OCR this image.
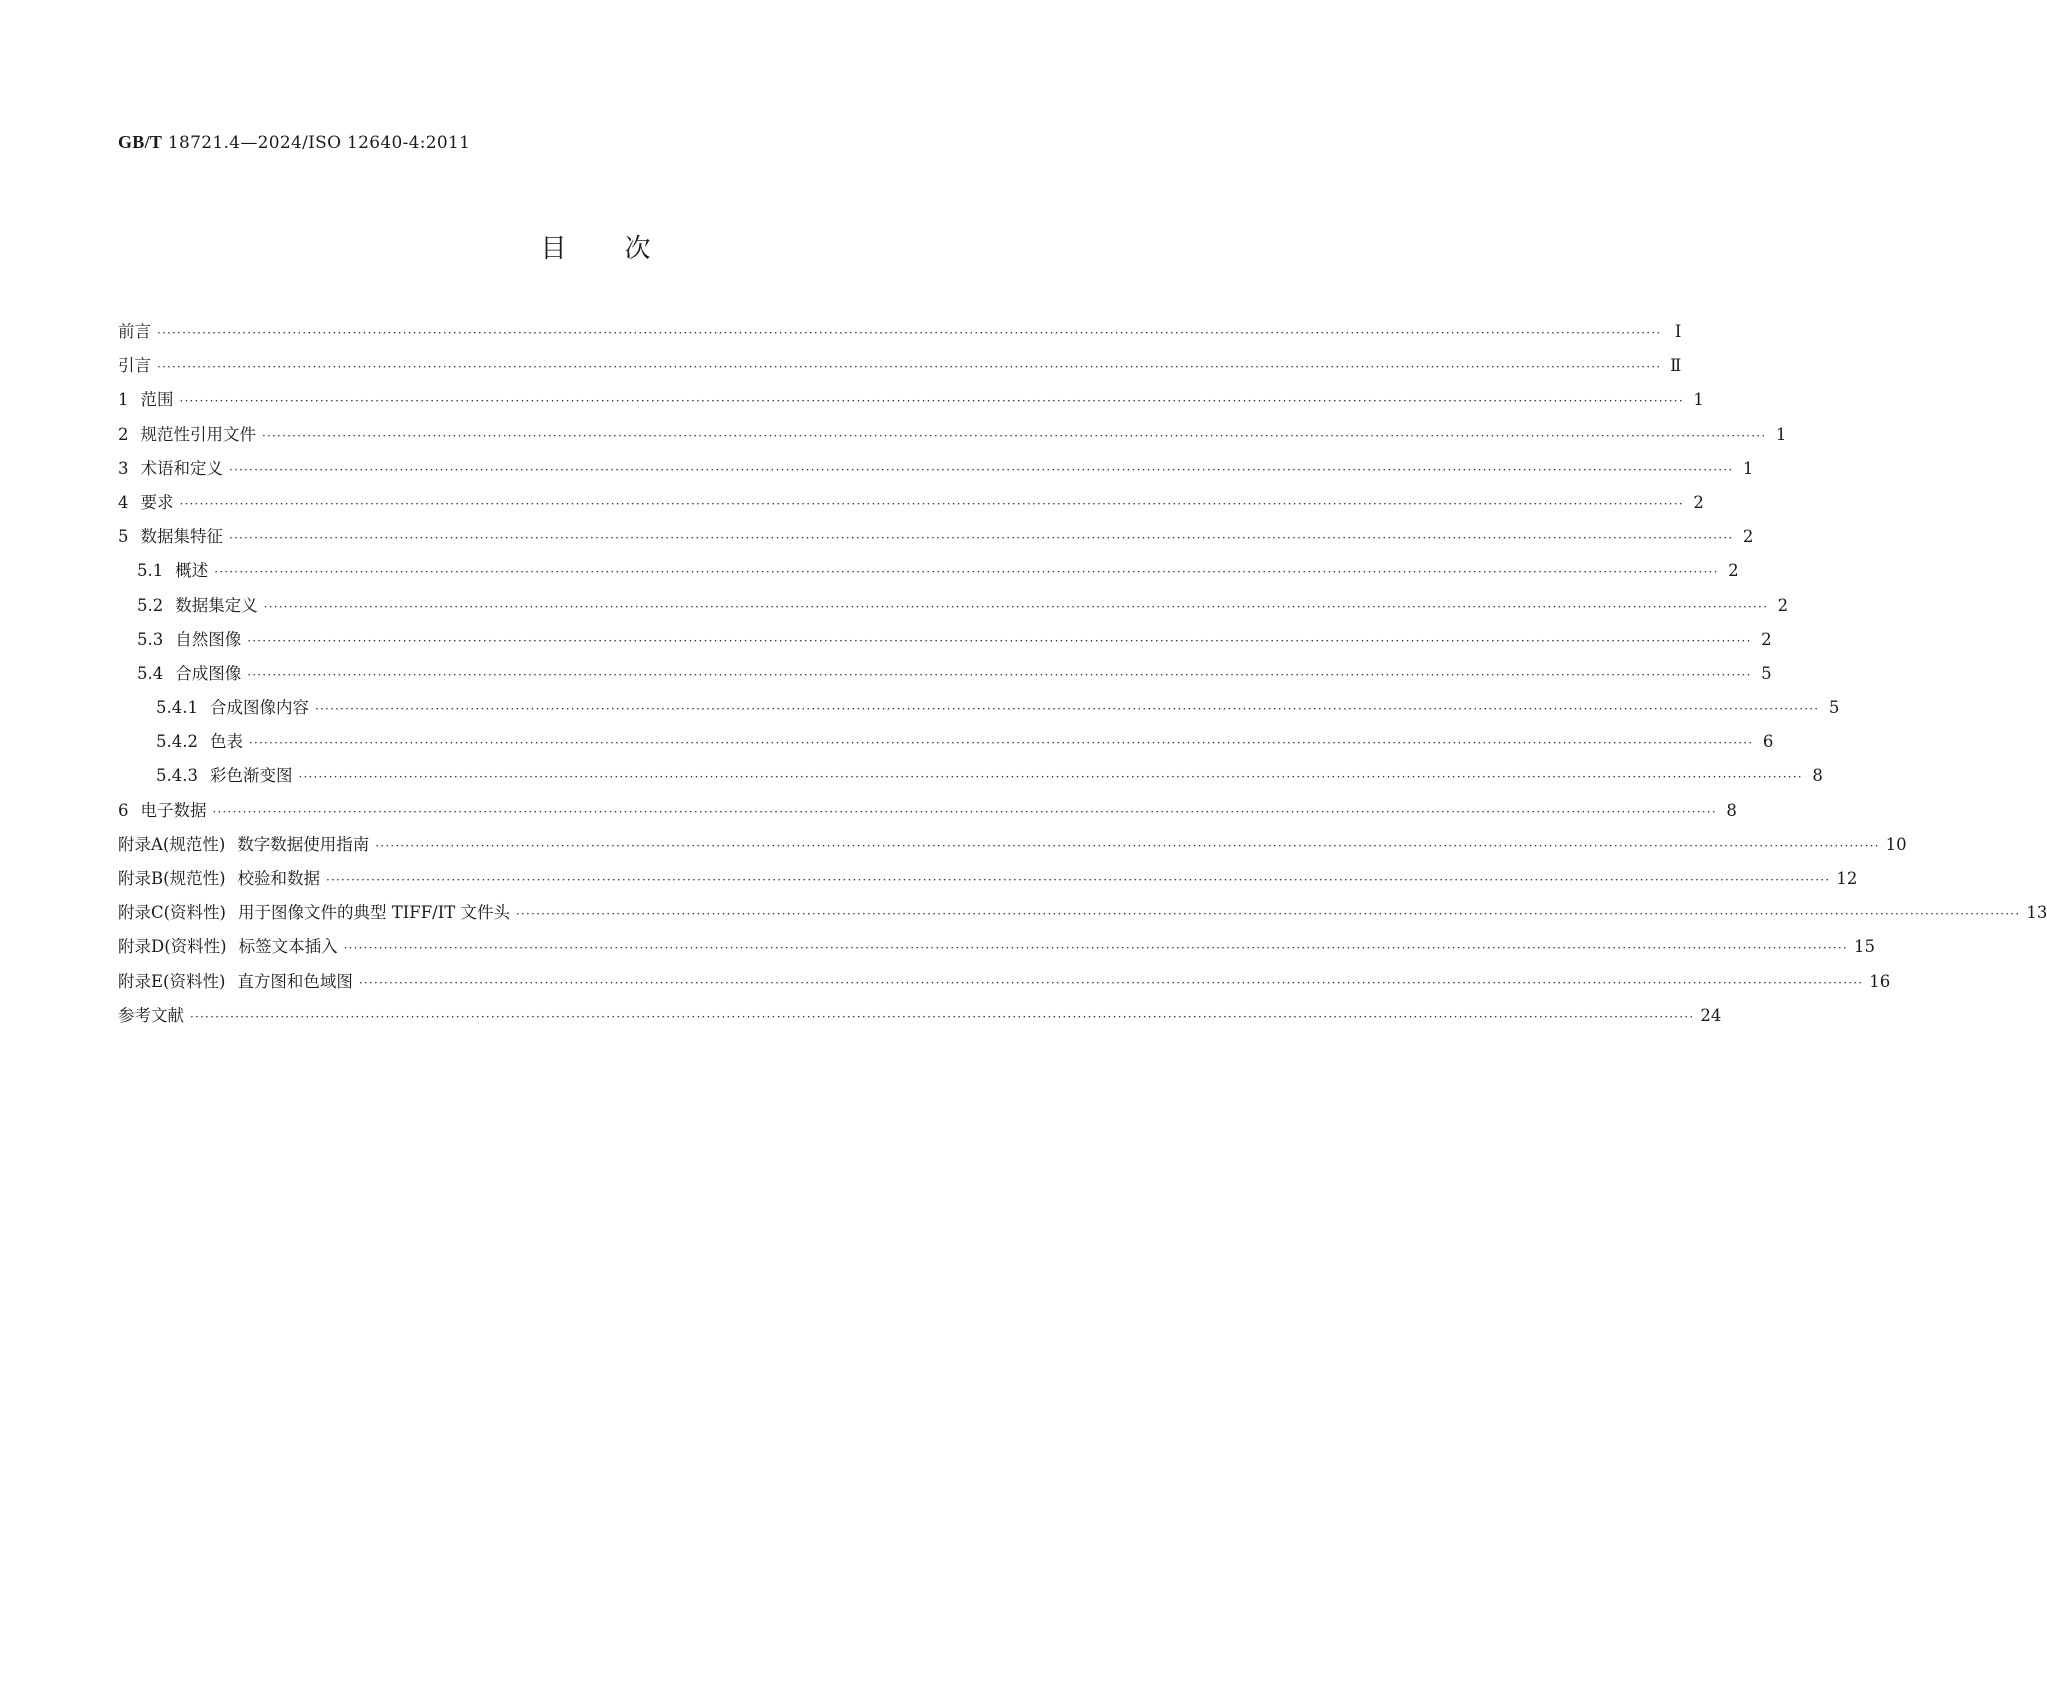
GB/T 18721.4—2024/ISO 12640-4:2011
目次
前言 ············································································································································································································································································································ Ⅰ
引言 ············································································································································································································································································································ Ⅱ
1 范围 ············································································································································································································································································································ 1
2 规范性引用文件 ············································································································································································································································································································ 1
3 术语和定义 ············································································································································································································································································································ 1
4 要求 ············································································································································································································································································································ 2
5 数据集特征 ············································································································································································································································································································ 2
5.1 概述 ············································································································································································································································································································ 2
5.2 数据集定义 ············································································································································································································································································································ 2
5.3 自然图像 ············································································································································································································································································································ 2
5.4 合成图像 ············································································································································································································································································································ 5
5.4.1 合成图像内容 ············································································································································································································································································································ 5
5.4.2 色表 ············································································································································································································································································································ 6
5.4.3 彩色渐变图 ············································································································································································································································································································ 8
6 电子数据 ············································································································································································································································································································ 8
附录A(规范性) 数字数据使用指南 ············································································································································································································································································································ 10
附录B(规范性) 校验和数据 ············································································································································································································································································································ 12
附录C(资料性) 用于图像文件的典型 TIFF/IT 文件头 ············································································································································································································································································································ 13
附录D(资料性) 标签文本插入 ············································································································································································································································································································ 15
附录E(资料性) 直方图和色域图 ············································································································································································································································································································ 16
参考文献 ············································································································································································································································································································ 24
